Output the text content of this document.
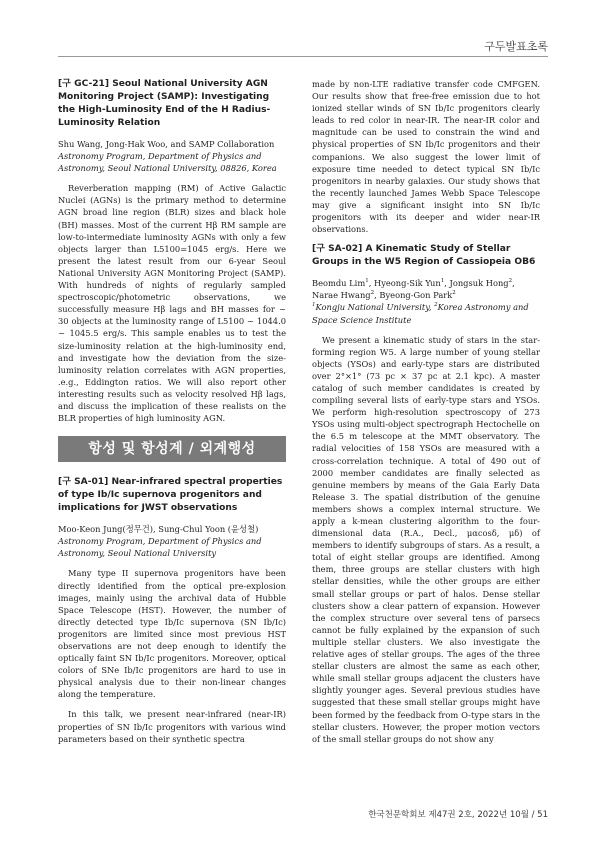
구두발표초록

[구 GC-21] Seoul National University AGN Monitoring Project (SAMP): Investigating the High-Luminosity End of the H Radius-Luminosity Relation

Shu Wang, Jong-Hak Woo, and SAMP Collaboration

Astronomy Program, Department of Physics and Astronomy, Seoul National University, 08826, Korea

Reverberation mapping (RM) of Active Galactic Nuclei (AGNs) is the primary method to determine AGN broad line region (BLR) sizes and black hole (BH) masses. Most of the current Hβ RM sample are low-to-intermediate luminosity AGNs with only a few objects larger than L5100=1045 erg/s. Here we present the latest result from our 6-year Seoul National University AGN Monitoring Project (SAMP). With hundreds of nights of regularly sampled spectroscopic/photometric observations, we successfully measure Hβ lags and BH masses for ~ 30 objects at the luminosity range of L5100 ~ 1044.0 ~ 1045.5 erg/s. This sample enables us to test the size-luminosity relation at the high-luminosity end, and investigate how the deviation from the size-luminosity relation correlates with AGN properties, .e.g., Eddington ratios. We will also report other interesting results such as velocity resolved Hβ lags, and discuss the implication of these realists on the BLR properties of high luminosity AGN.

항성 및 항성계 / 외계행성

[구 SA-01] Near-infrared spectral properties of type Ib/Ic supernova progenitors and implications for JWST observations

Moo-Keon Jung(정무건), Sung-Chul Yoon (윤성철)

Astronomy Program, Department of Physics and Astronomy, Seoul National University

Many type II supernova progenitors have been directly identified from the optical pre-explosion images, mainly using the archival data of Hubble Space Telescope (HST). However, the number of directly detected type Ib/Ic supernova (SN Ib/Ic) progenitors are limited since most previous HST observations are not deep enough to identify the optically faint SN Ib/Ic progenitors. Moreover, optical colors of SNe Ib/Ic progenitors are hard to use in physical analysis due to their non-linear changes along the temperature.

In this talk, we present near-infrared (near-IR) properties of SN Ib/Ic progenitors with various wind parameters based on their synthetic spectra

made by non-LTE radiative transfer code CMFGEN. Our results show that free-free emission due to hot ionized stellar winds of SN Ib/Ic progenitors clearly leads to red color in near-IR. The near-IR color and magnitude can be used to constrain the wind and physical properties of SN Ib/Ic progenitors and their companions. We also suggest the lower limit of exposure time needed to detect typical SN Ib/Ic progenitors in nearby galaxies. Our study shows that the recently launched James Webb Space Telescope may give a significant insight into SN Ib/Ic progenitors with its deeper and wider near-IR observations.

[구 SA-02] A Kinematic Study of Stellar Groups in the W5 Region of Cassiopeia OB6

Beomdu Lim$^1$, Hyeong-Sik Yun$^1$, Jongsuk Hong$^2$, Narae Hwang$^2$, Byeong-Gon Park$^2$

$^1$Kongju National University, $^2$Korea Astronomy and Space Science Institute

We present a kinematic study of stars in the star-forming region W5. A large number of young stellar objects (YSOs) and early-type stars are distributed over 2°×1° (73 pc × 37 pc at 2.1 kpc). A master catalog of such member candidates is created by compiling several lists of early-type stars and YSOs. We perform high-resolution spectroscopy of 273 YSOs using multi-object spectrograph Hectochelle on the 6.5 m telescope at the MMT observatory. The radial velocities of 158 YSOs are measured with a cross-correlation technique. A total of 490 out of 2000 member candidates are finally selected as genuine members by means of the Gaia Early Data Release 3. The spatial distribution of the genuine members shows a complex internal structure. We apply a k-mean clustering algorithm to the four-dimensional data (R.A., Decl., μαcosδ, μδ) of members to identify subgroups of stars. As a result, a total of eight stellar groups are identified. Among them, three groups are stellar clusters with high stellar densities, while the other groups are either small stellar groups or part of halos. Dense stellar clusters show a clear pattern of expansion. However the complex structure over several tens of parsecs cannot be fully explained by the expansion of such multiple stellar clusters. We also investigate the relative ages of stellar groups. The ages of the three stellar clusters are almost the same as each other, while small stellar groups adjacent the clusters have slightly younger ages. Several previous studies have suggested that these small stellar groups might have been formed by the feedback from O-type stars in the stellar clusters. However, the proper motion vectors of the small stellar groups do not show any

한국천문학회보 제47권 2호, 2022년 10월 / 51
